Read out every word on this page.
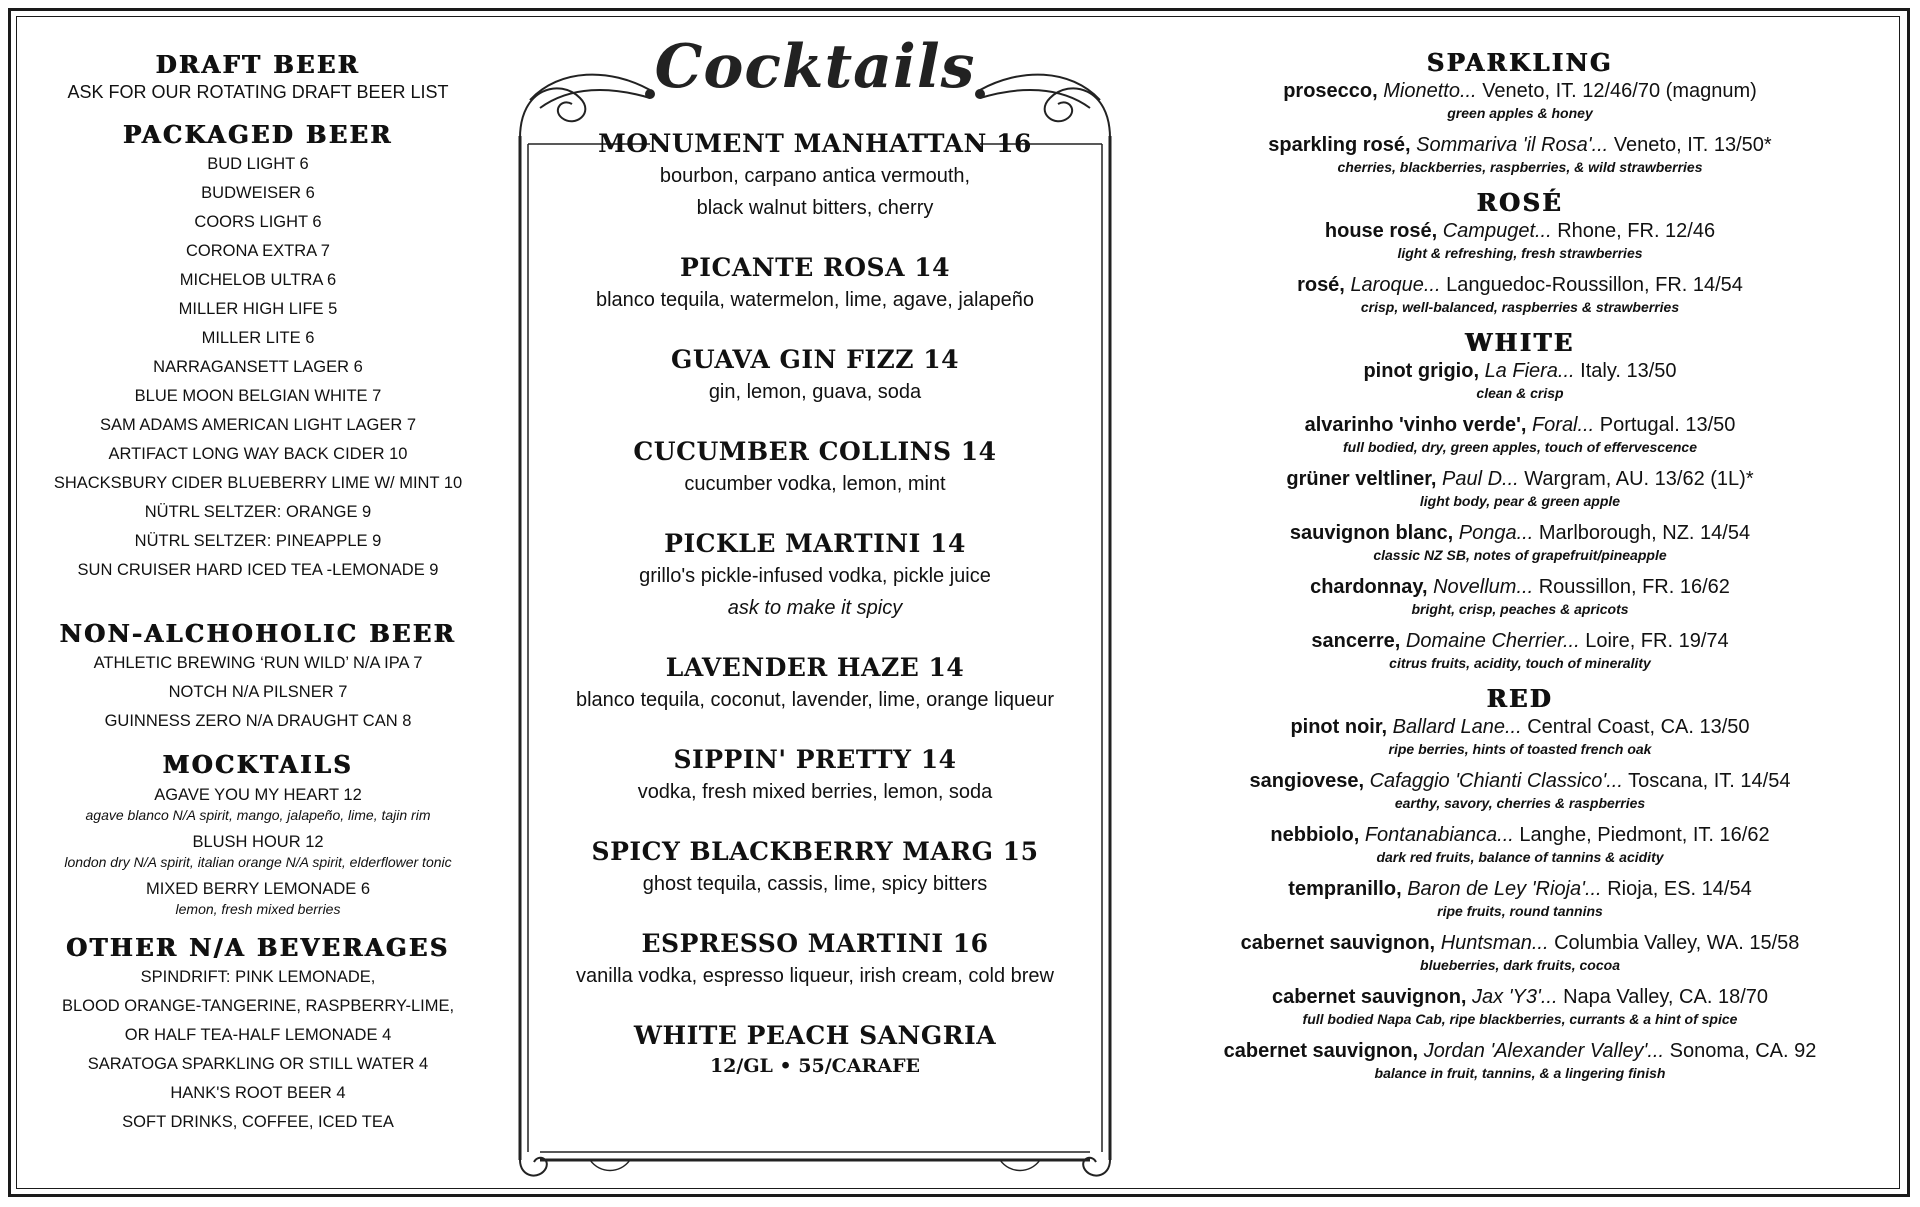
DRAFT BEER
ASK FOR OUR ROTATING DRAFT BEER LIST
PACKAGED BEER
BUD LIGHT 6
BUDWEISER 6
COORS LIGHT 6
CORONA EXTRA 7
MICHELOB ULTRA 6
MILLER HIGH LIFE 5
MILLER LITE 6
NARRAGANSETT LAGER 6
BLUE MOON BELGIAN WHITE 7
SAM ADAMS AMERICAN LIGHT LAGER 7
ARTIFACT LONG WAY BACK CIDER 10
SHACKSBURY CIDER BLUEBERRY LIME W/ MINT 10
NÜTRL SELTZER: ORANGE 9
NÜTRL SELTZER: PINEAPPLE 9
SUN CRUISER HARD ICED TEA -LEMONADE 9
NON-ALCHOHOLIC BEER
ATHLETIC BREWING ‘RUN WILD’ N/A IPA 7
NOTCH N/A PILSNER 7
GUINNESS ZERO N/A DRAUGHT CAN 8
MOCKTAILS
AGAVE YOU MY HEART 12
agave blanco N/A spirit, mango, jalapeño, lime, tajin rim
BLUSH HOUR 12
london dry N/A spirit, italian orange N/A spirit, elderflower tonic
MIXED BERRY LEMONADE 6
lemon, fresh mixed berries
OTHER N/A BEVERAGES
SPINDRIFT: PINK LEMONADE,
BLOOD ORANGE-TANGERINE, RASPBERRY-LIME,
OR HALF TEA-HALF LEMONADE 4
SARATOGA SPARKLING OR STILL WATER 4
HANK'S ROOT BEER 4
SOFT DRINKS, COFFEE, ICED TEA
Cocktails
MONUMENT MANHATTAN 16
bourbon, carpano antica vermouth,
black walnut bitters, cherry
PICANTE ROSA 14
blanco tequila, watermelon, lime, agave, jalapeño
GUAVA GIN FIZZ 14
gin, lemon, guava, soda
CUCUMBER COLLINS 14
cucumber vodka, lemon, mint
PICKLE MARTINI 14
grillo's pickle-infused vodka, pickle juice
ask to make it spicy
LAVENDER HAZE 14
blanco tequila, coconut, lavender, lime, orange liqueur
SIPPIN' PRETTY 14
vodka, fresh mixed berries, lemon, soda
SPICY BLACKBERRY MARG 15
ghost tequila, cassis, lime, spicy bitters
ESPRESSO MARTINI 16
vanilla vodka, espresso liqueur, irish cream, cold brew
WHITE PEACH SANGRIA
12/GL • 55/CARAFE
SPARKLING
prosecco, Mionetto... Veneto, IT. 12/46/70 (magnum)
green apples & honey
sparkling rosé, Sommariva 'il Rosa'... Veneto, IT. 13/50*
cherries, blackberries, raspberries, & wild strawberries
ROSÉ
house rosé, Campuget... Rhone, FR. 12/46
light & refreshing, fresh strawberries
rosé, Laroque... Languedoc-Roussillon, FR. 14/54
crisp, well-balanced, raspberries & strawberries
WHITE
pinot grigio, La Fiera... Italy. 13/50
clean & crisp
alvarinho 'vinho verde', Foral... Portugal. 13/50
full bodied, dry, green apples, touch of effervescence
grüner veltliner, Paul D... Wargram, AU. 13/62 (1L)*
light body, pear & green apple
sauvignon blanc, Ponga... Marlborough, NZ. 14/54
classic NZ SB, notes of grapefruit/pineapple
chardonnay, Novellum... Roussillon, FR. 16/62
bright, crisp, peaches & apricots
sancerre, Domaine Cherrier... Loire, FR. 19/74
citrus fruits, acidity, touch of minerality
RED
pinot noir, Ballard Lane... Central Coast, CA. 13/50
ripe berries, hints of toasted french oak
sangiovese, Cafaggio 'Chianti Classico'... Toscana, IT. 14/54
earthy, savory, cherries & raspberries
nebbiolo, Fontanabianca... Langhe, Piedmont, IT. 16/62
dark red fruits, balance of tannins & acidity
tempranillo, Baron de Ley 'Rioja'... Rioja, ES. 14/54
ripe fruits, round tannins
cabernet sauvignon, Huntsman... Columbia Valley, WA. 15/58
blueberries, dark fruits, cocoa
cabernet sauvignon, Jax 'Y3'... Napa Valley, CA. 18/70
full bodied Napa Cab, ripe blackberries, currants & a hint of spice
cabernet sauvignon, Jordan 'Alexander Valley'... Sonoma, CA. 92
balance in fruit, tannins, & a lingering finish
